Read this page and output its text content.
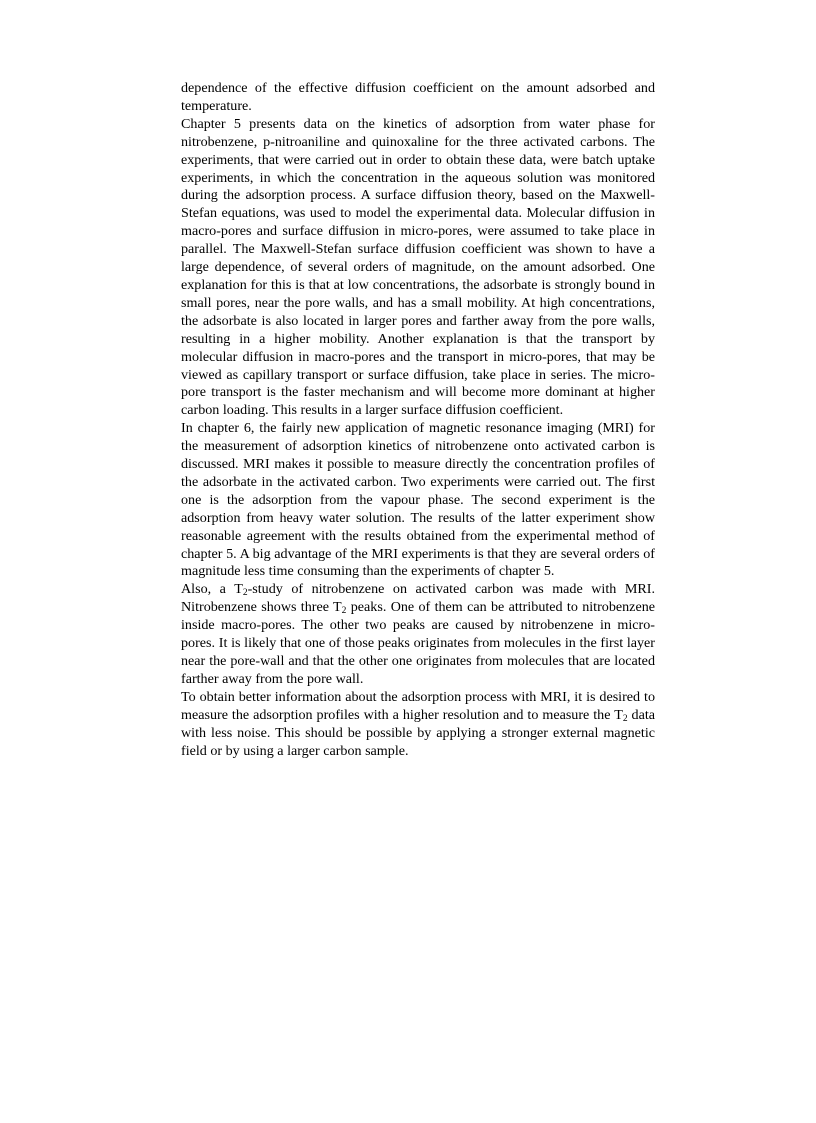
dependence of the effective diffusion coefficient on the amount adsorbed and temperature.

Chapter 5 presents data on the kinetics of adsorption from water phase for nitrobenzene, p-nitroaniline and quinoxaline for the three activated carbons. The experiments, that were carried out in order to obtain these data, were batch uptake experiments, in which the concentration in the aqueous solution was monitored during the adsorption process. A surface diffusion theory, based on the Maxwell-Stefan equations, was used to model the experimental data. Molecular diffusion in macro-pores and surface diffusion in micro-pores, were assumed to take place in parallel. The Maxwell-Stefan surface diffusion coefficient was shown to have a large dependence, of several orders of magnitude, on the amount adsorbed. One explanation for this is that at low concentrations, the adsorbate is strongly bound in small pores, near the pore walls, and has a small mobility. At high concentrations, the adsorbate is also located in larger pores and farther away from the pore walls, resulting in a higher mobility. Another explanation is that the transport by molecular diffusion in macro-pores and the transport in micro-pores, that may be viewed as capillary transport or surface diffusion, take place in series. The micro-pore transport is the faster mechanism and will become more dominant at higher carbon loading. This results in a larger surface diffusion coefficient.

In chapter 6, the fairly new application of magnetic resonance imaging (MRI) for the measurement of adsorption kinetics of nitrobenzene onto activated carbon is discussed. MRI makes it possible to measure directly the concentration profiles of the adsorbate in the activated carbon. Two experiments were carried out. The first one is the adsorption from the vapour phase. The second experiment is the adsorption from heavy water solution. The results of the latter experiment show reasonable agreement with the results obtained from the experimental method of chapter 5. A big advantage of the MRI experiments is that they are several orders of magnitude less time consuming than the experiments of chapter 5.

Also, a $T_2$-study of nitrobenzene on activated carbon was made with MRI. Nitrobenzene shows three $T_2$ peaks. One of them can be attributed to nitrobenzene inside macro-pores. The other two peaks are caused by nitrobenzene in micro-pores. It is likely that one of those peaks originates from molecules in the first layer near the pore-wall and that the other one originates from molecules that are located farther away from the pore wall.

To obtain better information about the adsorption process with MRI, it is desired to measure the adsorption profiles with a higher resolution and to measure the $T_2$ data with less noise. This should be possible by applying a stronger external magnetic field or by using a larger carbon sample.
